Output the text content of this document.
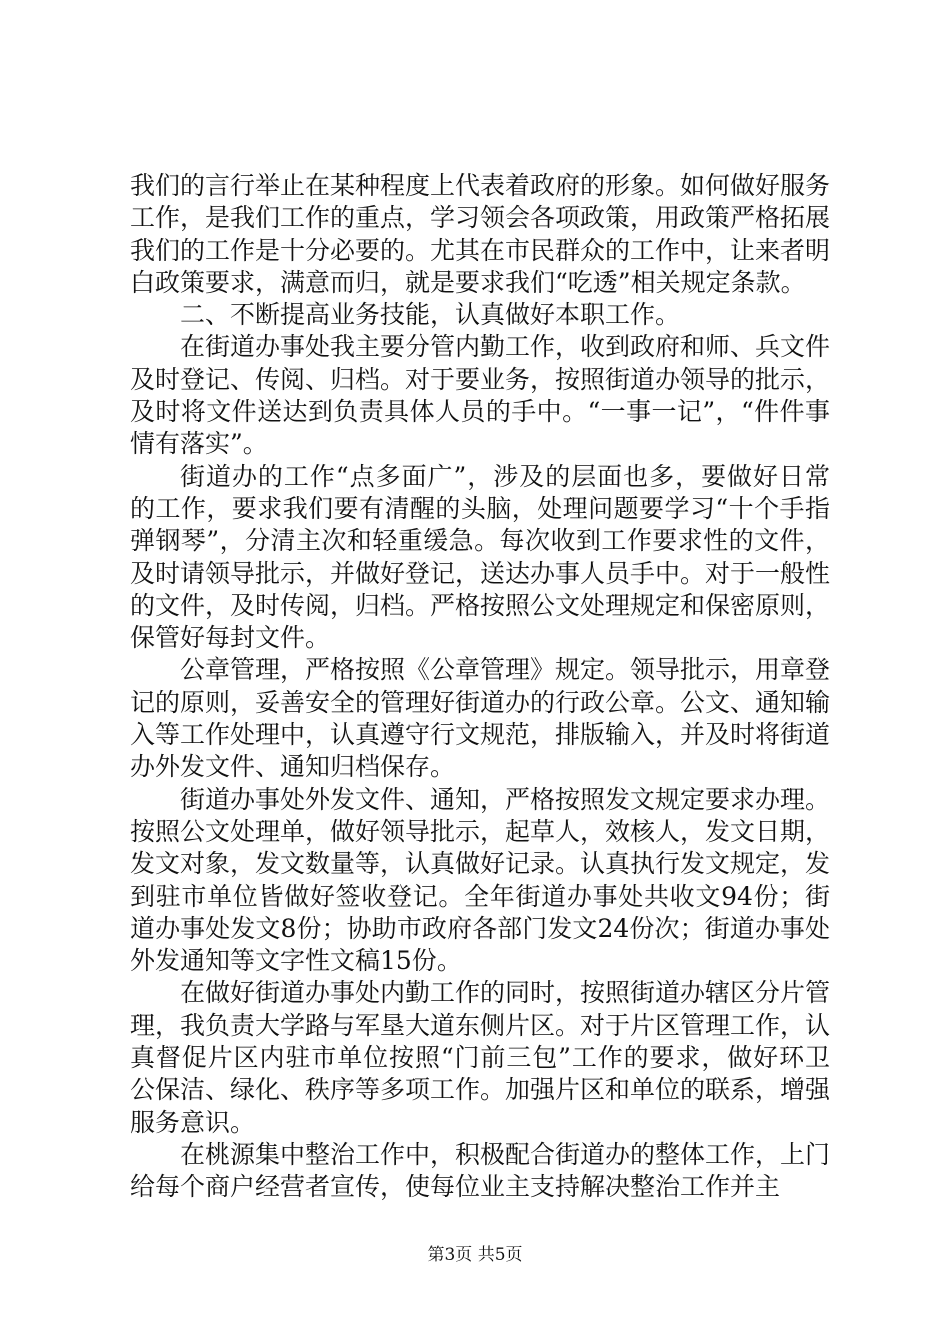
我们的言行举止在某种程度上代表着政府的形象。如何做好服务工作，是我们工作的重点，学习领会各项政策，用政策严格拓展我们的工作是十分必要的。尤其在市民群众的工作中，让来者明白政策要求，满意而归，就是要求我们“吃透”相关规定条款。

二、不断提高业务技能，认真做好本职工作。

在街道办事处我主要分管内勤工作，收到政府和师、兵文件及时登记、传阅、归档。对于要业务，按照街道办领导的批示，及时将文件送达到负责具体人员的手中。“一事一记”，“件件事情有落实”。

街道办的工作“点多面广”，涉及的层面也多，要做好日常的工作，要求我们要有清醒的头脑，处理问题要学习“十个手指弹钢琴”，分清主次和轻重缓急。每次收到工作要求性的文件，及时请领导批示，并做好登记，送达办事人员手中。对于一般性的文件，及时传阅，归档。严格按照公文处理规定和保密原则，保管好每封文件。

公章管理，严格按照《公章管理》规定。领导批示，用章登记的原则，妥善安全的管理好街道办的行政公章。公文、通知输入等工作处理中，认真遵守行文规范，排版输入，并及时将街道办外发文件、通知归档保存。

街道办事处外发文件、通知，严格按照发文规定要求办理。按照公文处理单，做好领导批示，起草人，效核人，发文日期，发文对象，发文数量等，认真做好记录。认真执行发文规定，发到驻市单位皆做好签收登记。全年街道办事处共收文94份；街道办事处发文8份；协助市政府各部门发文24份次；街道办事处外发通知等文字性文稿15份。

在做好街道办事处内勤工作的同时，按照街道办辖区分片管理，我负责大学路与军垦大道东侧片区。对于片区管理工作，认真督促片区内驻市单位按照“门前三包”工作的要求，做好环卫公保洁、绿化、秩序等多项工作。加强片区和单位的联系，增强服务意识。

在桃源集中整治工作中，积极配合街道办的整体工作，上门给每个商户经营者宣传，使每位业主支持解决整治工作并主

第3页 共5页
